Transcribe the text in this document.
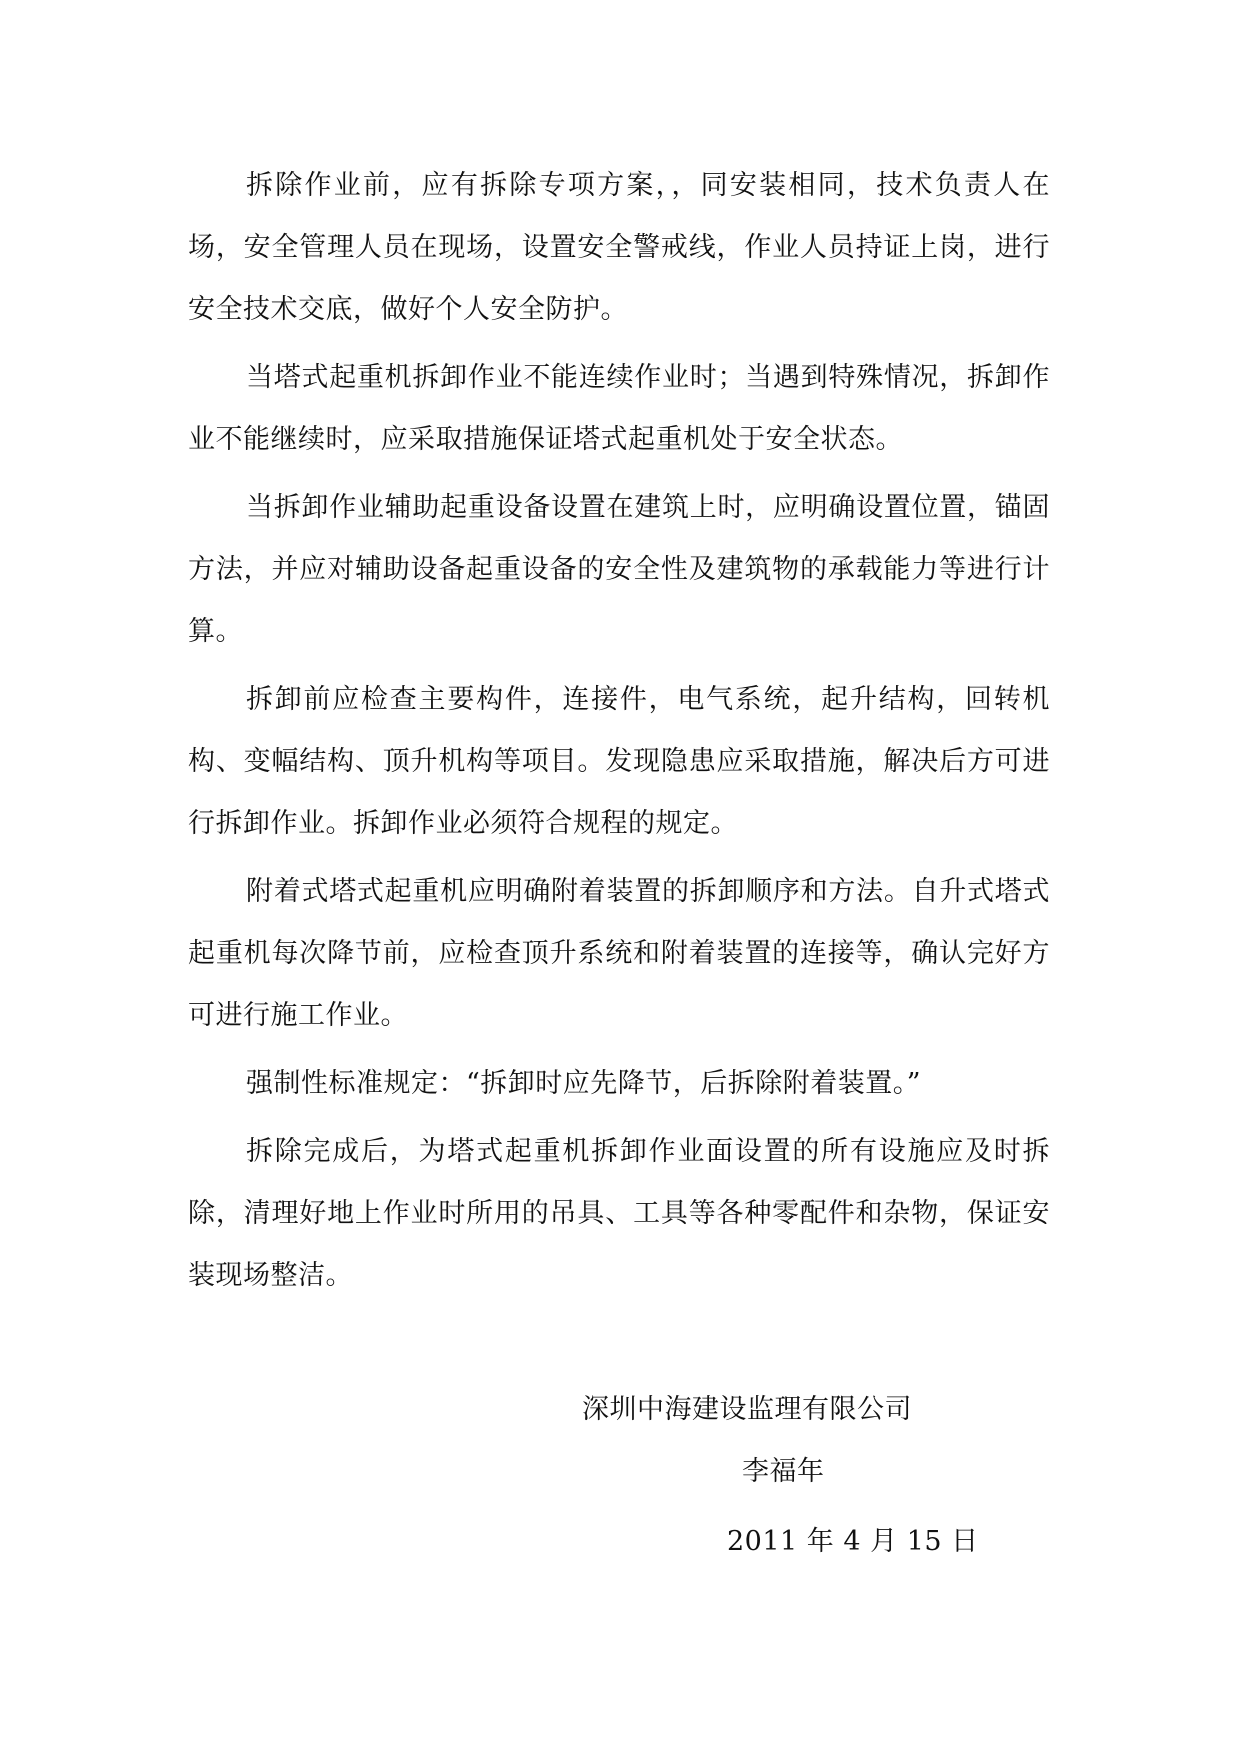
拆除作业前，应有拆除专项方案，，同安装相同，技术负责人在场，安全管理人员在现场，设置安全警戒线，作业人员持证上岗，进行安全技术交底，做好个人安全防护。

当塔式起重机拆卸作业不能连续作业时；当遇到特殊情况，拆卸作业不能继续时，应采取措施保证塔式起重机处于安全状态。

当拆卸作业辅助起重设备设置在建筑上时，应明确设置位置，锚固方法，并应对辅助设备起重设备的安全性及建筑物的承载能力等进行计算。

拆卸前应检查主要构件，连接件，电气系统，起升结构，回转机构、变幅结构、顶升机构等项目。发现隐患应采取措施，解决后方可进行拆卸作业。拆卸作业必须符合规程的规定。

附着式塔式起重机应明确附着装置的拆卸顺序和方法。自升式塔式起重机每次降节前，应检查顶升系统和附着装置的连接等，确认完好方可进行施工作业。

强制性标准规定：“拆卸时应先降节，后拆除附着装置。”

拆除完成后，为塔式起重机拆卸作业面设置的所有设施应及时拆除，清理好地上作业时所用的吊具、工具等各种零配件和杂物，保证安装现场整洁。

深圳中海建设监理有限公司
李福年
2011 年 4 月 15 日
